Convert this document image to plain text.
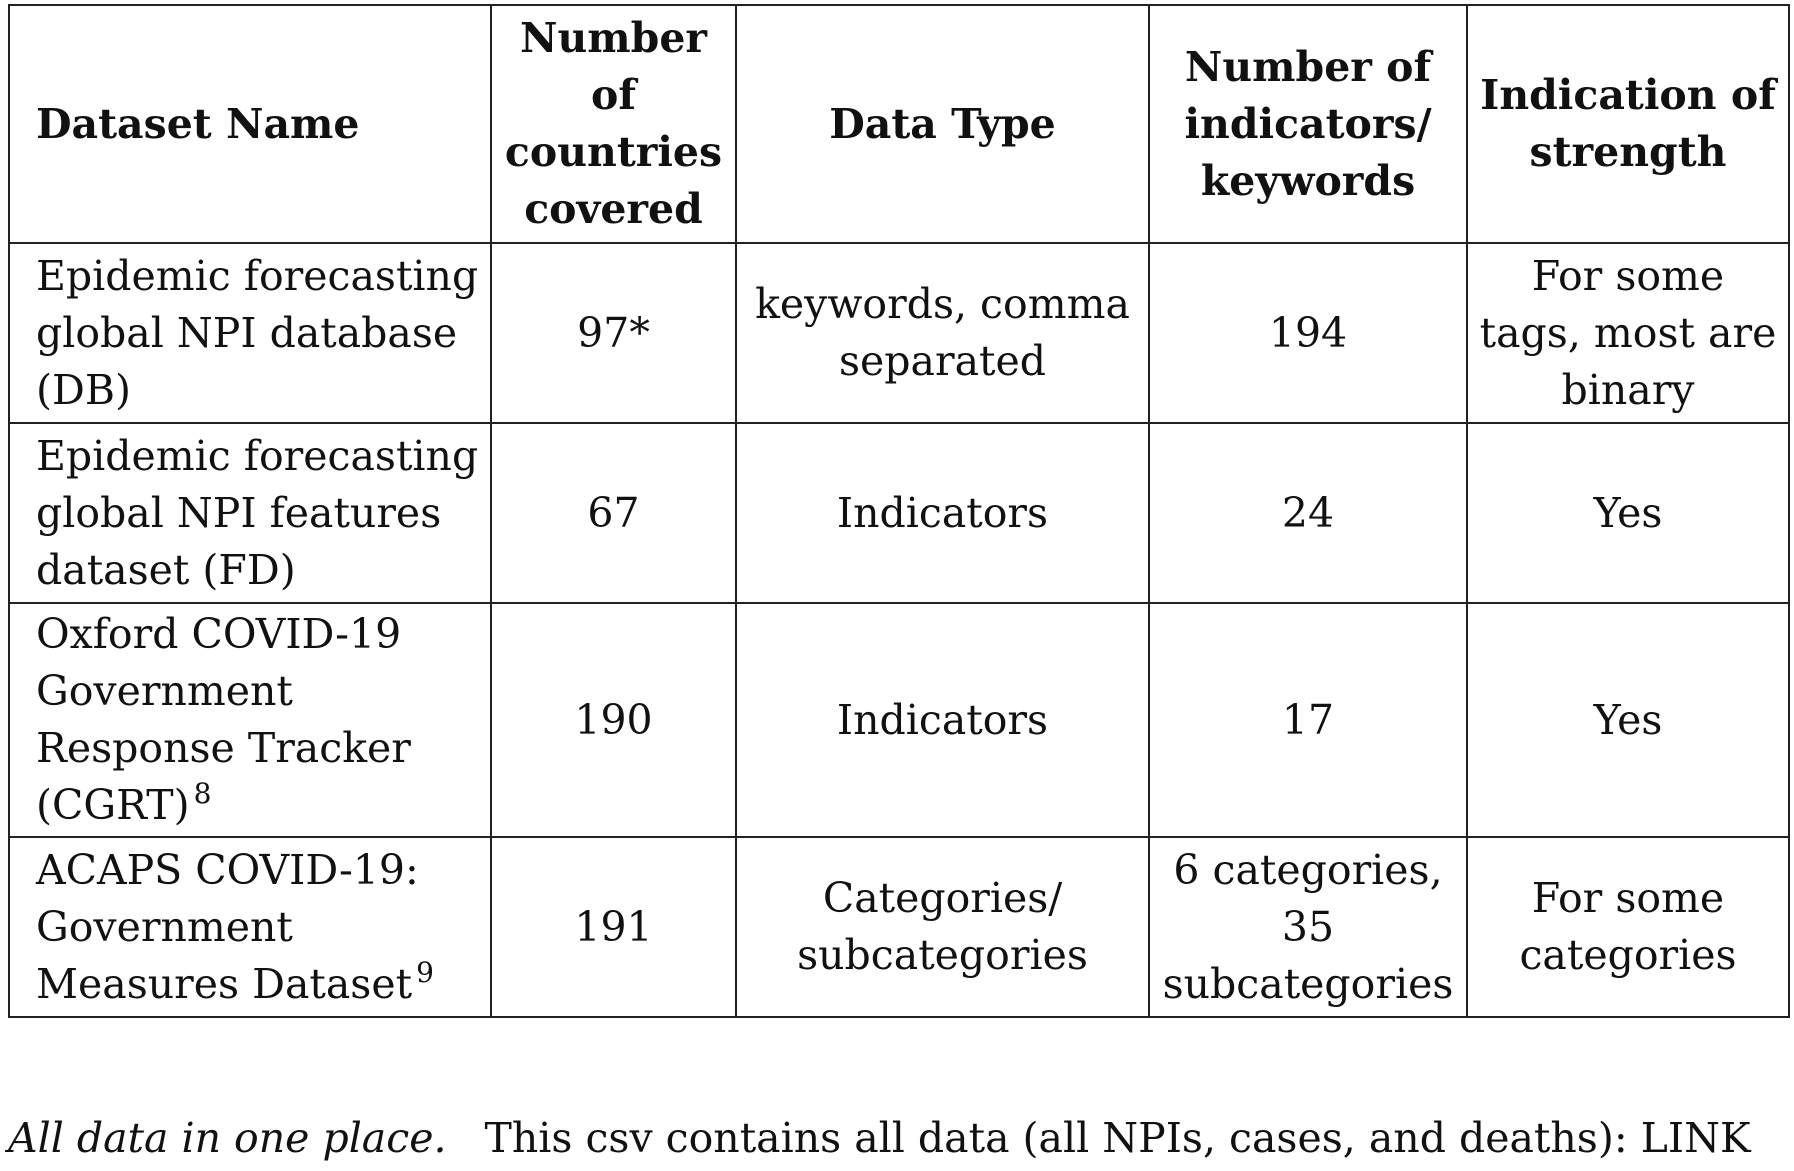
Dataset Name	Number of countries covered	Data Type	Number of indicators/ keywords	Indication of strength
Epidemic forecasting global NPI database (DB)	97*	keywords, comma separated	194	For some tags, most are binary
Epidemic forecasting global NPI features dataset (FD)	67	Indicators	24	Yes
Oxford COVID-19 Government Response Tracker (CGRT) $^8$	190	Indicators	17	Yes
ACAPS COVID-19: Government Measures Dataset $^9$	191	Categories/ subcategories	6 categories, 35 subcategories	For some categories
All data in one place. This csv contains all data (all NPIs, cases, and deaths): LINK
